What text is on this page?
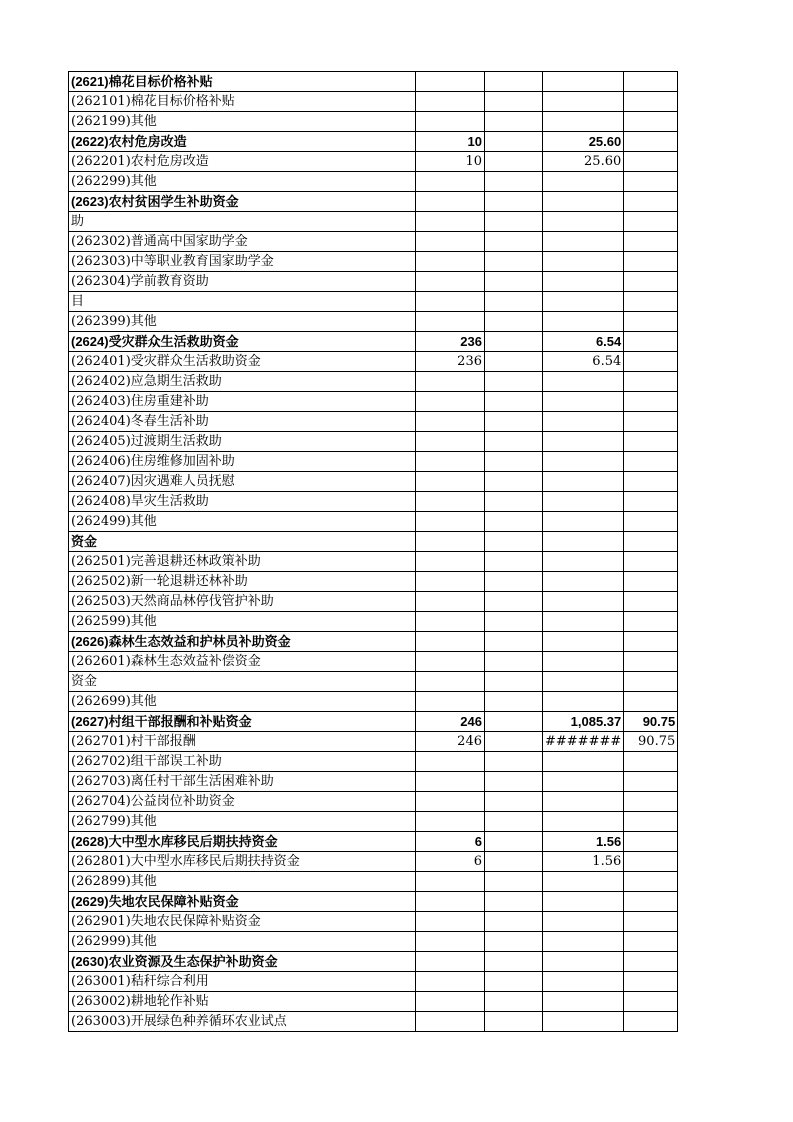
(2621)棉花目标价格补贴				
(262101)棉花目标价格补贴				
(262199)其他				
(2622)农村危房改造	10		25.60	
(262201)农村危房改造	10		25.60	
(262299)其他				
(2623)农村贫困学生补助资金				
助				
(262302)普通高中国家助学金				
(262303)中等职业教育国家助学金				
(262304)学前教育资助				
目				
(262399)其他				
(2624)受灾群众生活救助资金	236		6.54	
(262401)受灾群众生活救助资金	236		6.54	
(262402)应急期生活救助				
(262403)住房重建补助				
(262404)冬春生活补助				
(262405)过渡期生活救助				
(262406)住房维修加固补助				
(262407)因灾遇难人员抚慰				
(262408)旱灾生活救助				
(262499)其他				
资金				
(262501)完善退耕还林政策补助				
(262502)新一轮退耕还林补助				
(262503)天然商品林停伐管护补助				
(262599)其他				
(2626)森林生态效益和护林员补助资金				
(262601)森林生态效益补偿资金				
资金				
(262699)其他				
(2627)村组干部报酬和补贴资金	246		1,085.37	90.75
(262701)村干部报酬	246		#######	90.75
(262702)组干部误工补助				
(262703)离任村干部生活困难补助				
(262704)公益岗位补助资金				
(262799)其他				
(2628)大中型水库移民后期扶持资金	6		1.56	
(262801)大中型水库移民后期扶持资金	6		1.56	
(262899)其他				
(2629)失地农民保障补贴资金				
(262901)失地农民保障补贴资金				
(262999)其他				
(2630)农业资源及生态保护补助资金				
(263001)秸秆综合利用				
(263002)耕地轮作补贴				
(263003)开展绿色种养循环农业试点				
